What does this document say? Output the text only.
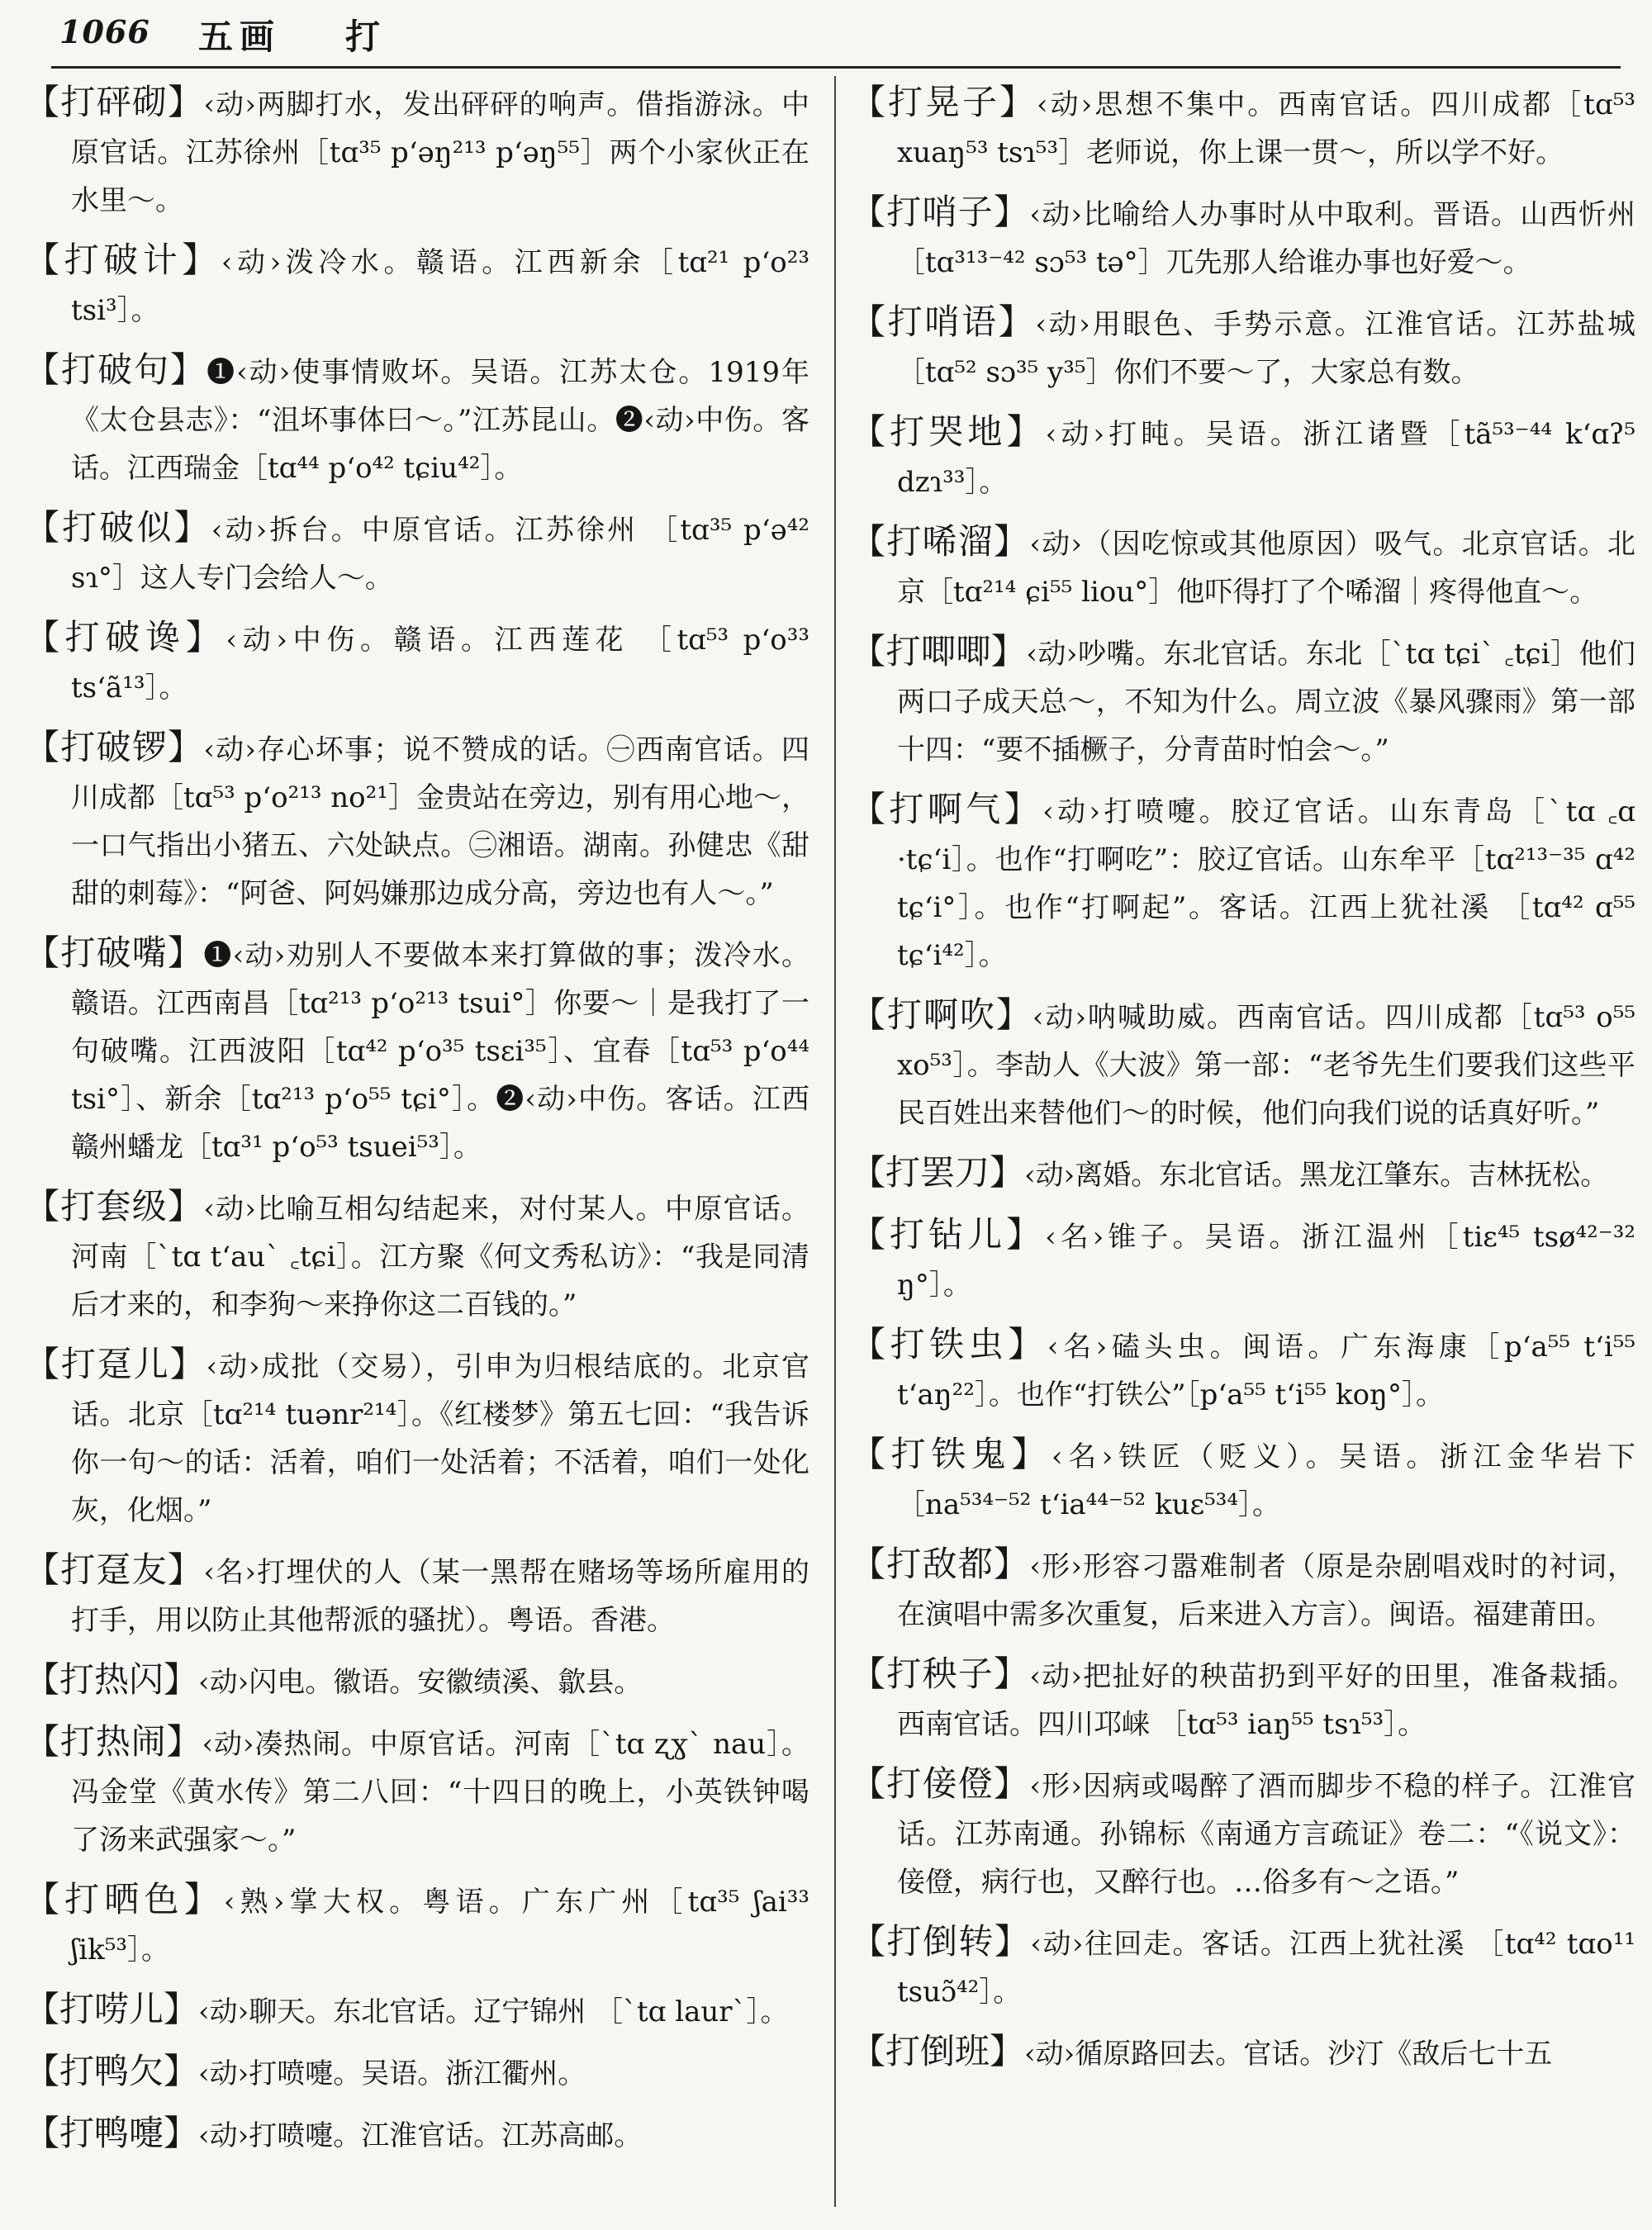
1066 五画 打

【打砰砌】‹动›两脚打水，发出砰砰的响声。借指游泳。中原官话。江苏徐州［tɑ³⁵ pʻəŋ²¹³ pʻəŋ⁵⁵］两个小家伙正在水里～。

【打破计】‹动›泼冷水。赣语。江西新余［tɑ²¹ pʻo²³ tsi³］。

【打破句】❶‹动›使事情败坏。吴语。江苏太仓。1919年《太仓县志》：“沮坏事体曰～。”江苏昆山。❷‹动›中伤。客话。江西瑞金［tɑ⁴⁴ pʻo⁴² tɕiu⁴²］。

【打破似】‹动›拆台。中原官话。江苏徐州 ［tɑ³⁵ pʻə⁴² sɿ°］这人专门会给人～。

【打破谗】‹动›中伤。赣语。江西莲花 ［tɑ⁵³ pʻo³³ tsʻã¹³］。

【打破锣】‹动›存心坏事；说不赞成的话。㊀西南官话。四川成都［tɑ⁵³ pʻo²¹³ no²¹］金贵站在旁边，别有用心地～，一口气指出小猪五、六处缺点。㊁湘语。湖南。孙健忠《甜甜的刺莓》：“阿爸、阿妈嫌那边成分高，旁边也有人～。”

【打破嘴】❶‹动›劝别人不要做本来打算做的事；泼冷水。赣语。江西南昌［tɑ²¹³ pʻo²¹³ tsui°］你要～｜是我打了一句破嘴。江西波阳［tɑ⁴² pʻo³⁵ tsɛi³⁵］、宜春［tɑ⁵³ pʻo⁴⁴ tsi°］、新余［tɑ²¹³ pʻo⁵⁵ tɕi°］。❷‹动›中伤。客话。江西赣州蟠龙［tɑ³¹ pʻo⁵³ tsuei⁵³］。

【打套级】‹动›比喻互相勾结起来，对付某人。中原官话。河南［ˋtɑ tʻauˋ ꜀tɕi］。江方聚《何文秀私访》：“我是同清后才来的，和李狗～来挣你这二百钱的。”

【打趸儿】‹动›成批（交易），引申为归根结底的。北京官话。北京［tɑ²¹⁴ tuənr²¹⁴］。《红楼梦》第五七回：“我告诉你一句～的话：活着，咱们一处活着；不活着，咱们一处化灰，化烟。”

【打趸友】‹名›打埋伏的人（某一黑帮在赌场等场所雇用的打手，用以防止其他帮派的骚扰）。粤语。香港。

【打热闪】‹动›闪电。徽语。安徽绩溪、歙县。

【打热闹】‹动›凑热闹。中原官话。河南［ˋtɑ ʐɣˋ nau］。冯金堂《黄水传》第二八回：“十四日的晚上，小英铁钟喝了汤来武强家～。”

【打晒色】‹熟›掌大权。粤语。广东广州［tɑ³⁵ ʃai³³ ʃik⁵³］。

【打唠儿】‹动›聊天。东北官话。辽宁锦州 ［ˋtɑ laurˋ］。

【打鸭欠】‹动›打喷嚏。吴语。浙江衢州。

【打鸭嚏】‹动›打喷嚏。江淮官话。江苏高邮。

【打晃子】‹动›思想不集中。西南官话。四川成都［tɑ⁵³ xuaŋ⁵³ tsɿ⁵³］老师说，你上课一贯～，所以学不好。

【打哨子】‹动›比喻给人办事时从中取利。晋语。山西忻州［tɑ³¹³⁻⁴² sɔ⁵³ tə°］兀先那人给谁办事也好爱～。

【打哨语】‹动›用眼色、手势示意。江淮官话。江苏盐城［tɑ⁵² sɔ³⁵ y³⁵］你们不要～了，大家总有数。

【打哭地】‹动›打盹。吴语。浙江诸暨［tã⁵³⁻⁴⁴ kʻɑʔ⁵ dzɿ³³］。

【打唏溜】‹动›（因吃惊或其他原因）吸气。北京官话。北京［tɑ²¹⁴ ɕi⁵⁵ liou°］他吓得打了个唏溜｜疼得他直～。

【打唧唧】‹动›吵嘴。东北官话。东北［ˋtɑ tɕiˋ ꜀tɕi］他们两口子成天总～，不知为什么。周立波《暴风骤雨》第一部十四：“要不插橛子，分青苗时怕会～。”

【打啊气】‹动›打喷嚏。胶辽官话。山东青岛［ˋtɑ ꜀ɑ ·tɕʻi］。也作“打啊吃”：胶辽官话。山东牟平［tɑ²¹³⁻³⁵ ɑ⁴² tɕʻi°］。也作“打啊起”。客话。江西上犹社溪 ［tɑ⁴² ɑ⁵⁵ tɕʻi⁴²］。

【打啊吹】‹动›呐喊助威。西南官话。四川成都［tɑ⁵³ o⁵⁵ xo⁵³］。李劼人《大波》第一部：“老爷先生们要我们这些平民百姓出来替他们～的时候，他们向我们说的话真好听。”

【打罢刀】‹动›离婚。东北官话。黑龙江肇东。吉林抚松。

【打钻儿】‹名›锥子。吴语。浙江温州［tiɛ⁴⁵ tsø⁴²⁻³² ŋ°］。

【打铁虫】‹名›磕头虫。闽语。广东海康［pʻa⁵⁵ tʻi⁵⁵ tʻaŋ²²］。也作“打铁公”［pʻa⁵⁵ tʻi⁵⁵ koŋ°］。

【打铁鬼】‹名›铁匠（贬义）。吴语。浙江金华岩下［na⁵³⁴⁻⁵² tʻia⁴⁴⁻⁵² kuɛ⁵³⁴］。

【打敌都】‹形›形容刁嚣难制者（原是杂剧唱戏时的衬词，在演唱中需多次重复，后来进入方言）。闽语。福建莆田。

【打秧子】‹动›把扯好的秧苗扔到平好的田里，准备栽插。西南官话。四川邛崃 ［tɑ⁵³ iaŋ⁵⁵ tsɿ⁵³］。

【打倿僜】‹形›因病或喝醉了酒而脚步不稳的样子。江淮官话。江苏南通。孙锦标《南通方言疏证》卷二：“《说文》：倿僜，病行也，又醉行也。…俗多有～之语。”

【打倒转】‹动›往回走。客话。江西上犹社溪 ［tɑ⁴² tɑo¹¹ tsuɔ̃⁴²］。

【打倒班】‹动›循原路回去。官话。沙汀《敌后七十五
